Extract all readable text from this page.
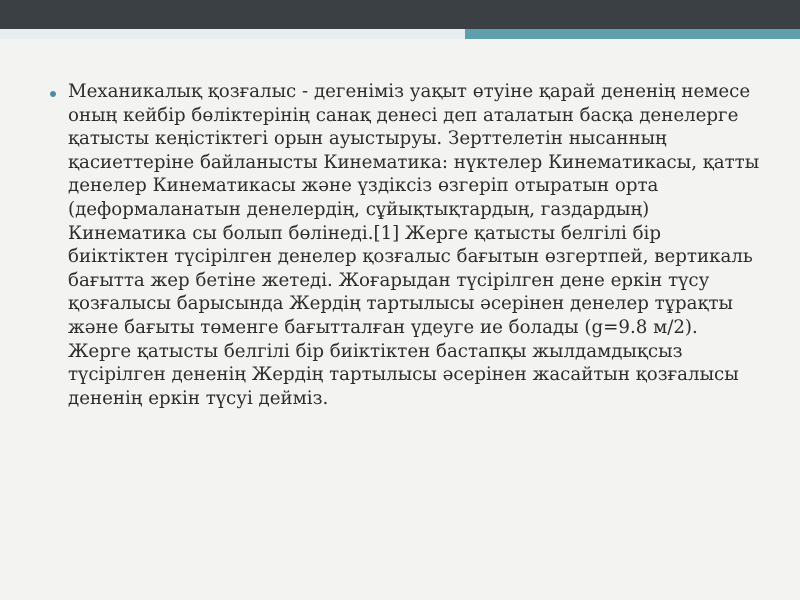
Механикалық қозғалыс - дегеніміз уақыт өтуіне қарай дененің немесе оның кейбір бөліктерінің санақ денесі деп аталатын басқа денелерге қатысты кеңістіктегі орын ауыстыруы. Зерттелетін нысанның қасиеттеріне байланысты Кинематика: нүктелер Кинематикасы, қатты денелер Кинематикасы және үздіксіз өзгеріп отыратын орта (деформаланатын денелердің, сұйықтықтардың, газдардың) Кинематика сы болып бөлінеді.[1] Жерге қатысты белгілі бір биіктіктен түсірілген денелер қозғалыс бағытын өзгертпей, вертикаль бағытта жер бетіне жетеді. Жоғарыдан түсірілген дене еркін түсу қозғалысы барысында Жердің тартылысы әсерінен денелер тұрақты және бағыты төменге бағытталған үдеуге ие болады (g=9.8 м/2). Жерге қатысты белгілі бір биіктіктен бастапқы жылдамдықсыз түсірілген дененің Жердің тартылысы әсерінен жасайтын қозғалысы дененің еркін түсуі дейміз.
